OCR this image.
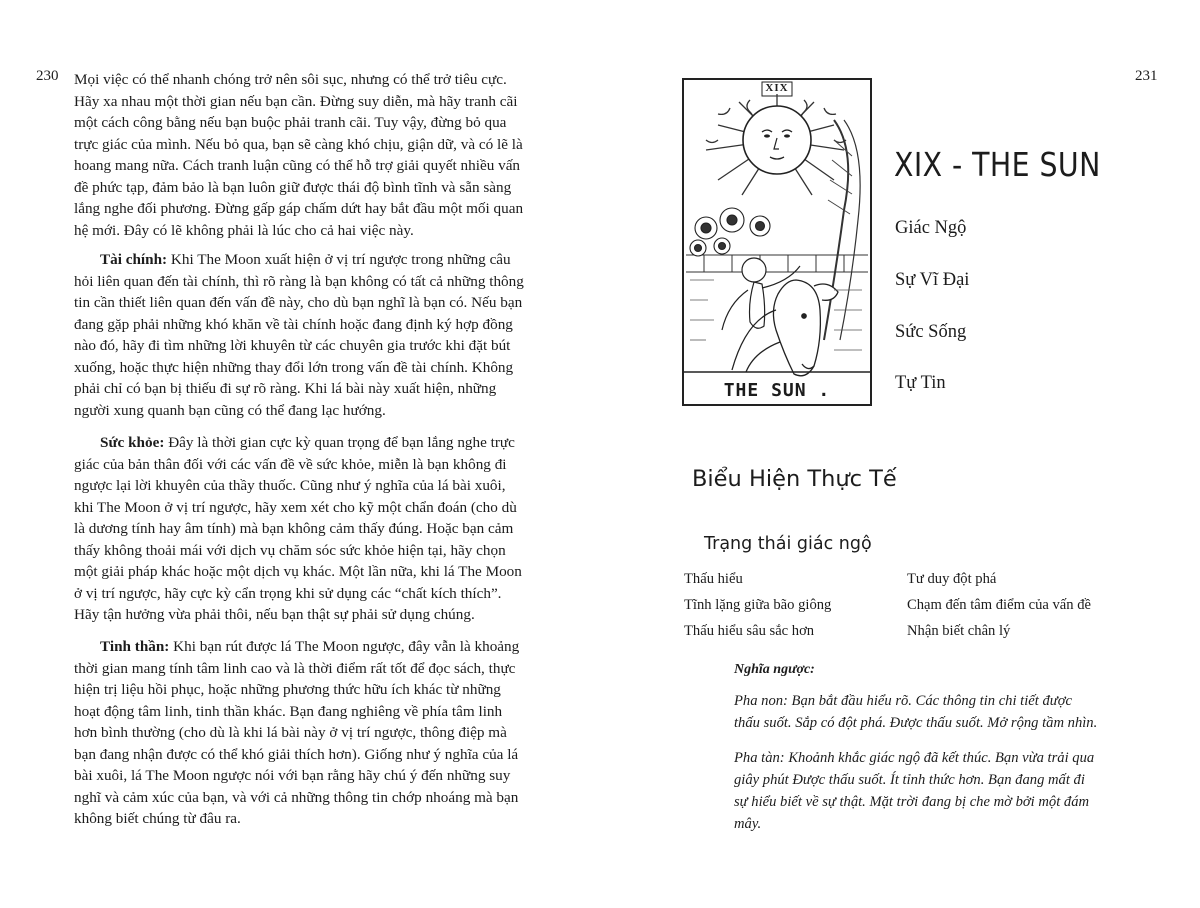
230 Mọi việc có thể nhanh chóng trở nên sôi sục, nhưng có thể trở tiêu cực. Hãy xa nhau một thời gian nếu bạn cần. Đừng suy diễn, mà hãy tranh cãi một cách công bằng nếu bạn buộc phải tranh cãi. Tuy vậy, đừng bỏ qua trực giác của mình. Nếu bỏ qua, bạn sẽ càng khó chịu, giận dữ, và có lẽ là hoang mang nữa. Cách tranh luận cũng có thể hỗ trợ giải quyết nhiều vấn đề phức tạp, đảm bảo là bạn luôn giữ được thái độ bình tĩnh và sẵn sàng lắng nghe đối phương. Đừng gấp gáp chấm dứt hay bắt đầu một mối quan hệ mới. Đây có lẽ không phải là lúc cho cả hai việc này.

Tài chính: Khi The Moon xuất hiện ở vị trí ngược trong những câu hỏi liên quan đến tài chính, thì rõ ràng là bạn không có tất cả những thông tin cần thiết liên quan đến vấn đề này, cho dù bạn nghĩ là bạn có. Nếu bạn đang gặp phải những khó khăn về tài chính hoặc đang định ký hợp đồng nào đó, hãy đi tìm những lời khuyên từ các chuyên gia trước khi đặt bút xuống, hoặc thực hiện những thay đổi lớn trong vấn đề tài chính. Không phải chỉ có bạn bị thiếu đi sự rõ ràng. Khi lá bài này xuất hiện, những người xung quanh bạn cũng có thể đang lạc hướng.

Sức khỏe: Đây là thời gian cực kỳ quan trọng để bạn lắng nghe trực giác của bản thân đối với các vấn đề về sức khỏe, miễn là bạn không đi ngược lại lời khuyên của thầy thuốc. Cũng như ý nghĩa của lá bài xuôi, khi The Moon ở vị trí ngược, hãy xem xét cho kỹ một chẩn đoán (cho dù là dương tính hay âm tính) mà bạn không cảm thấy đúng. Hoặc bạn cảm thấy không thoải mái với dịch vụ chăm sóc sức khỏe hiện tại, hãy chọn một giải pháp khác hoặc một dịch vụ khác. Một lần nữa, khi lá The Moon ở vị trí ngược, hãy cực kỳ cẩn trọng khi sử dụng các “chất kích thích”. Hãy tận hưởng vừa phải thôi, nếu bạn thật sự phải sử dụng chúng.

Tinh thần: Khi bạn rút được lá The Moon ngược, đây vẫn là khoảng thời gian mang tính tâm linh cao và là thời điểm rất tốt để đọc sách, thực hiện trị liệu hồi phục, hoặc những phương thức hữu ích khác từ những hoạt động tâm linh, tinh thần khác. Bạn đang nghiêng về phía tâm linh hơn bình thường (cho dù là khi lá bài này ở vị trí ngược, thông điệp mà bạn đang nhận được có thể khó giải thích hơn). Giống như ý nghĩa của lá bài xuôi, lá The Moon ngược nói với bạn rằng hãy chú ý đến những suy nghĩ và cảm xúc của bạn, và với cả những thông tin chớp nhoáng mà bạn không biết chúng từ đâu ra.

231
XIX
THE SUN .
XIX - THE SUN

Giác Ngộ

Sự Vĩ Đại

Sức Sống

Tự Tin

Biểu Hiện Thực Tế
Trạng thái giác ngộ
Thấu hiểu
Tĩnh lặng giữa bão giông
Thấu hiểu sâu sắc hơn
Tư duy đột phá
Chạm đến tâm điểm của vấn đề
Nhận biết chân lý
Nghĩa ngược:

Pha non: Bạn bắt đầu hiểu rõ. Các thông tin chi tiết được thấu suốt. Sắp có đột phá. Được thấu suốt. Mở rộng tầm nhìn.

Pha tàn: Khoảnh khắc giác ngộ đã kết thúc. Bạn vừa trải qua giây phút Được thấu suốt. Ít tỉnh thức hơn. Bạn đang mất đi sự hiểu biết về sự thật. Mặt trời đang bị che mờ bởi một đám mây.
